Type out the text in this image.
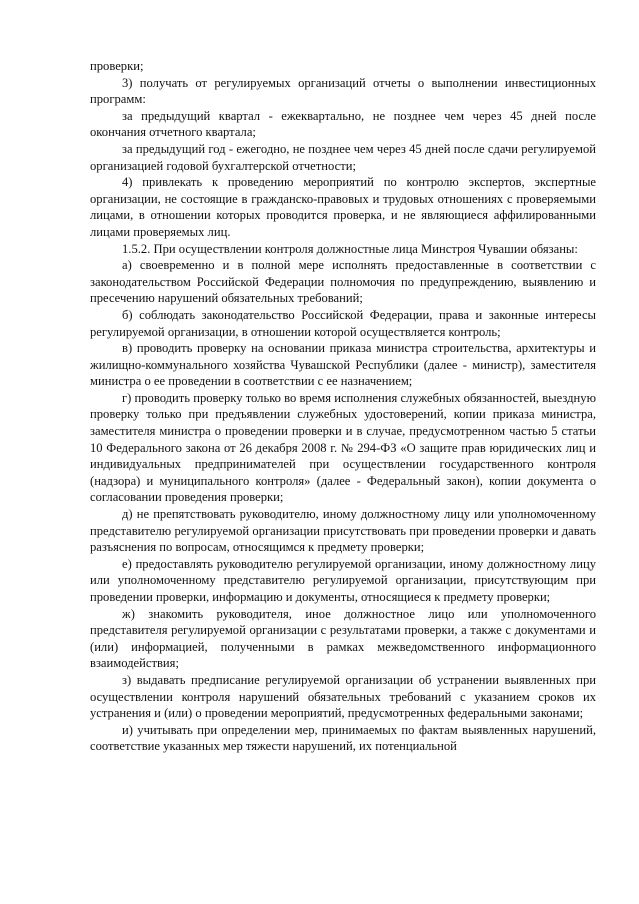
проверки;

3) получать от регулируемых организаций отчеты о выполнении инвестиционных программ:

за предыдущий квартал - ежеквартально, не позднее чем через 45 дней после окончания отчетного квартала;

за предыдущий год - ежегодно, не позднее чем через 45 дней после сдачи регулируемой организацией годовой бухгалтерской отчетности;

4) привлекать к проведению мероприятий по контролю экспертов, экспертные организации, не состоящие в гражданско-правовых и трудовых отношениях с проверяемыми лицами, в отношении которых проводится проверка, и не являющиеся аффилированными лицами проверяемых лиц.

1.5.2. При осуществлении контроля должностные лица Минстроя Чувашии обязаны:

а) своевременно и в полной мере исполнять предоставленные в соответствии с законодательством Российской Федерации полномочия по предупреждению, выявлению и пресечению нарушений обязательных требований;

б) соблюдать законодательство Российской Федерации, права и законные интересы регулируемой организации, в отношении которой осуществляется контроль;

в) проводить проверку на основании приказа министра строительства, архитектуры и жилищно-коммунального хозяйства Чувашской Республики (далее - министр), заместителя министра о ее проведении в соответствии с ее назначением;

г) проводить проверку только во время исполнения служебных обязанностей, выездную проверку только при предъявлении служебных удостоверений, копии приказа министра, заместителя министра о проведении проверки и в случае, предусмотренном частью 5 статьи 10 Федерального закона от 26 декабря 2008 г. № 294-ФЗ «О защите прав юридических лиц и индивидуальных предпринимателей при осуществлении государственного контроля (надзора) и муниципального контроля» (далее - Федеральный закон), копии документа о согласовании проведения проверки;

д) не препятствовать руководителю, иному должностному лицу или уполномоченному представителю регулируемой организации присутствовать при проведении проверки и давать разъяснения по вопросам, относящимся к предмету проверки;

е) предоставлять руководителю регулируемой организации, иному должностному лицу или уполномоченному представителю регулируемой организации, присутствующим при проведении проверки, информацию и документы, относящиеся к предмету проверки;

ж) знакомить руководителя, иное должностное лицо или уполномоченного представителя регулируемой организации с результатами проверки, а также с документами и (или) информацией, полученными в рамках межведомственного информационного взаимодействия;

з) выдавать предписание регулируемой организации об устранении выявленных при осуществлении контроля нарушений обязательных требований с указанием сроков их устранения и (или) о проведении мероприятий, предусмотренных федеральными законами;

и) учитывать при определении мер, принимаемых по фактам выявленных нарушений, соответствие указанных мер тяжести нарушений, их потенциальной
